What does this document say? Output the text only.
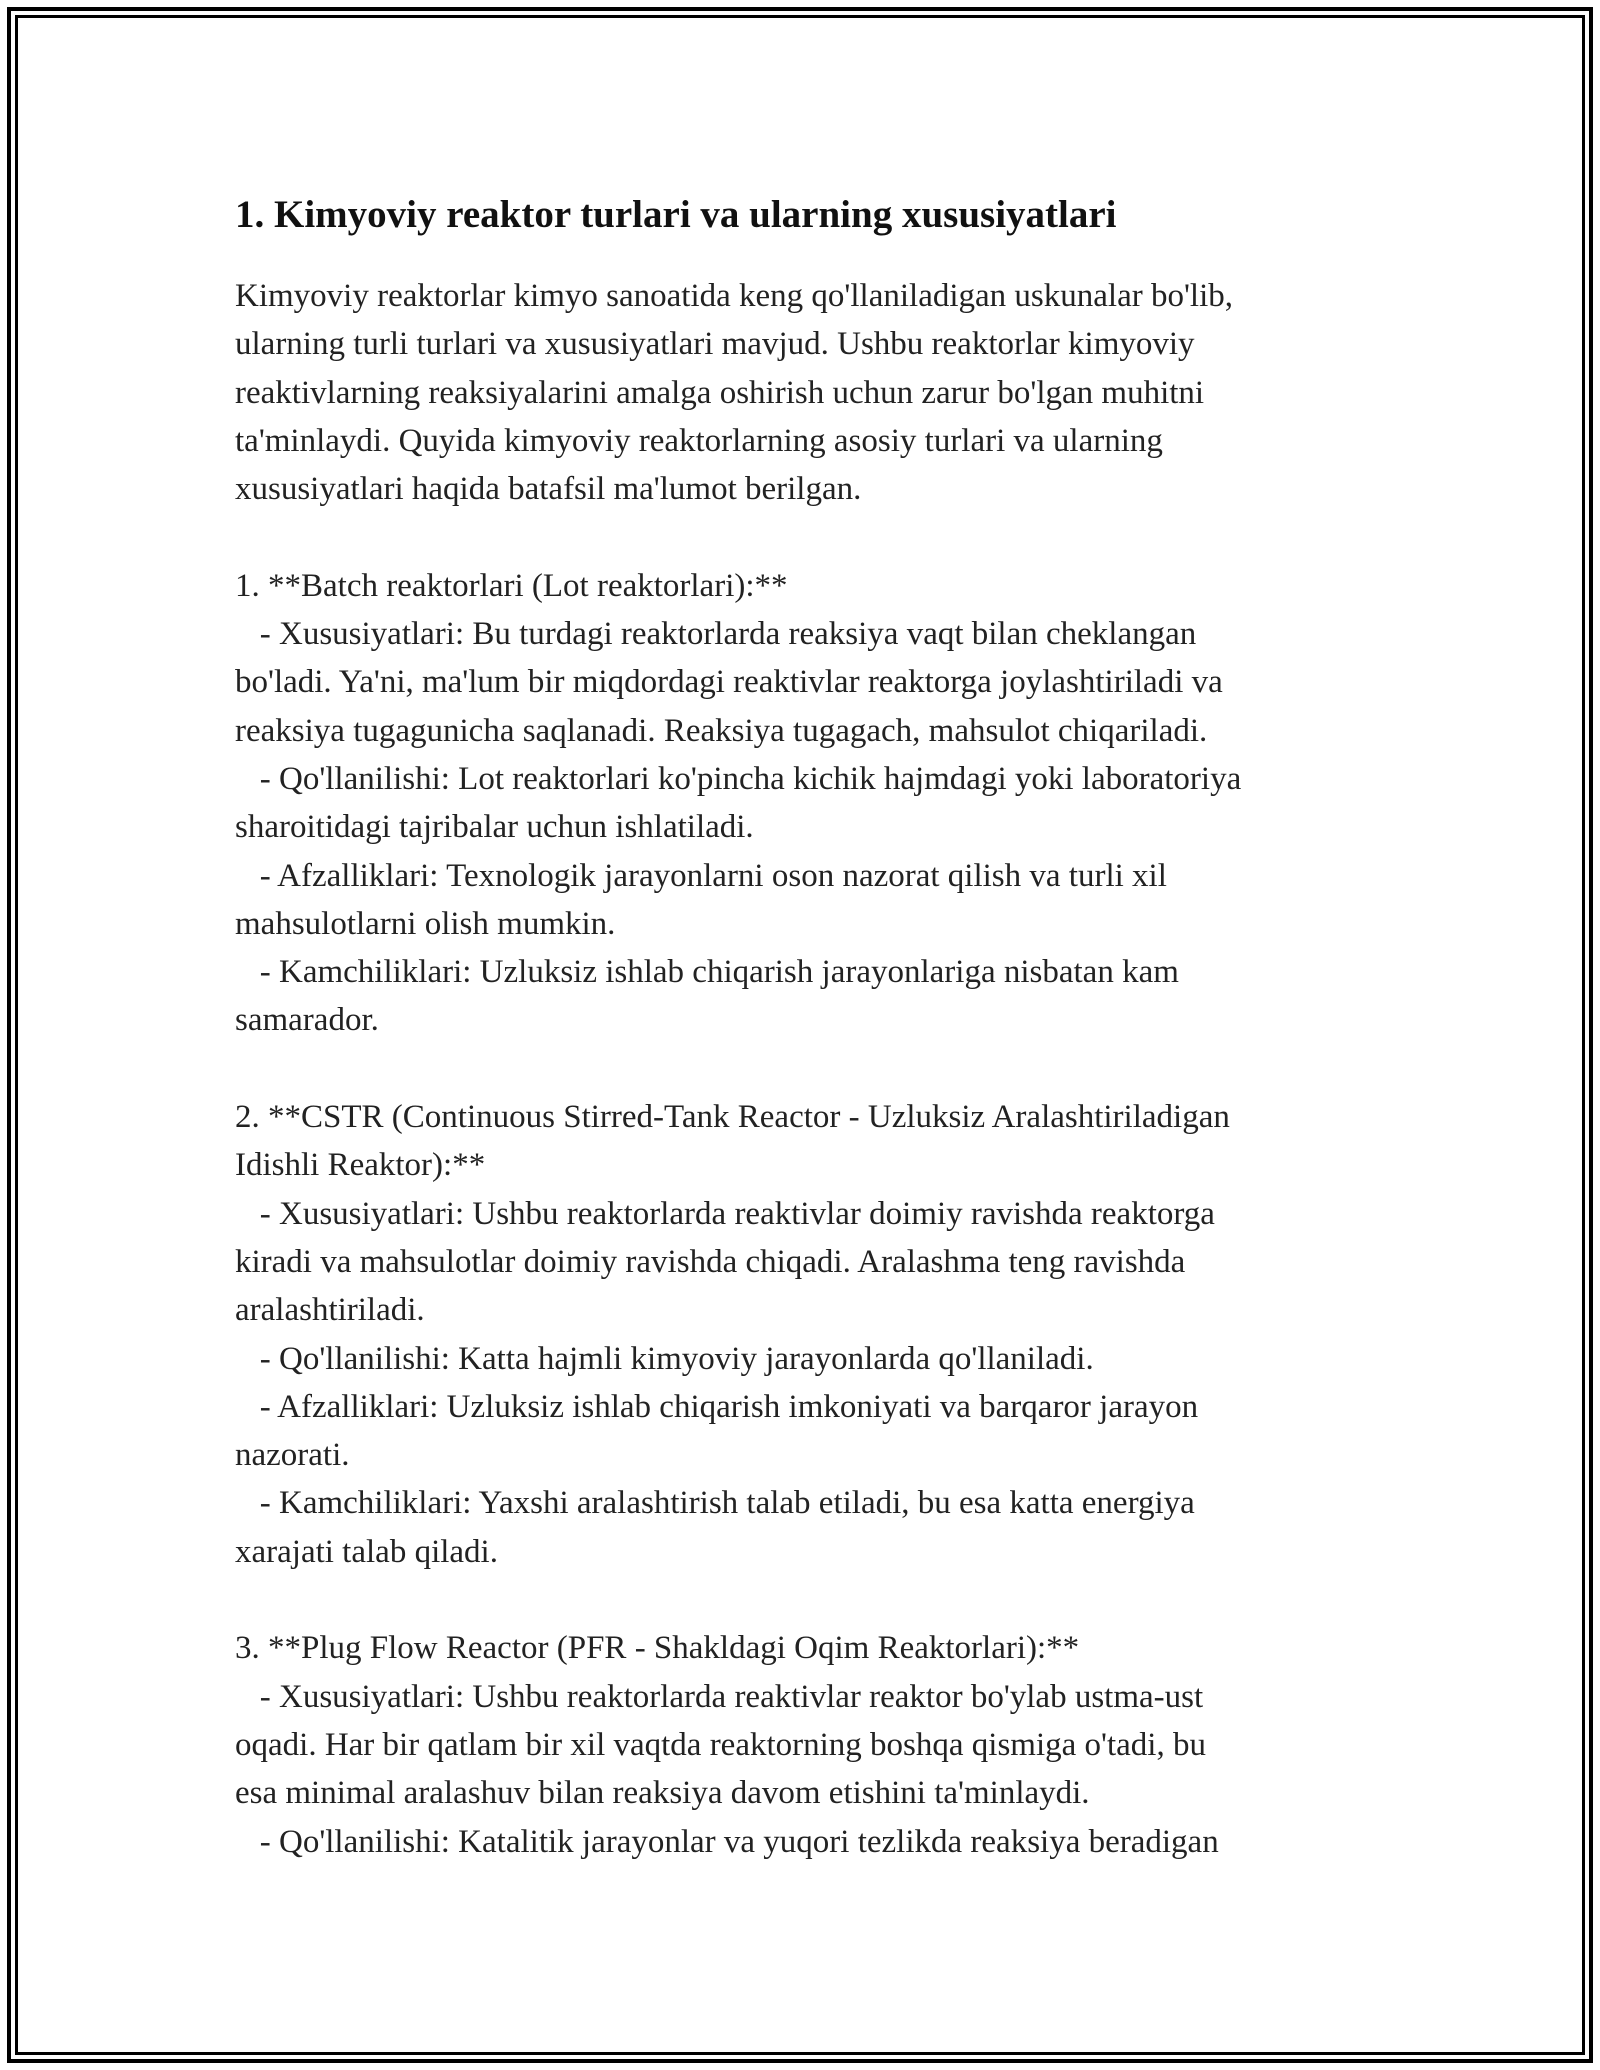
1. Kimyoviy reaktor turlari va ularning xususiyatlari
Kimyoviy reaktorlar kimyo sanoatida keng qo'llaniladigan uskunalar bo'lib,
ularning turli turlari va xususiyatlari mavjud. Ushbu reaktorlar kimyoviy
reaktivlarning reaksiyalarini amalga oshirish uchun zarur bo'lgan muhitni
ta'minlaydi. Quyida kimyoviy reaktorlarning asosiy turlari va ularning
xususiyatlari haqida batafsil ma'lumot berilgan.
1. **Batch reaktorlari (Lot reaktorlari):**
- Xususiyatlari: Bu turdagi reaktorlarda reaksiya vaqt bilan cheklangan
bo'ladi. Ya'ni, ma'lum bir miqdordagi reaktivlar reaktorga joylashtiriladi va
reaksiya tugagunicha saqlanadi. Reaksiya tugagach, mahsulot chiqariladi.
- Qo'llanilishi: Lot reaktorlari ko'pincha kichik hajmdagi yoki laboratoriya
sharoitidagi tajribalar uchun ishlatiladi.
- Afzalliklari: Texnologik jarayonlarni oson nazorat qilish va turli xil
mahsulotlarni olish mumkin.
- Kamchiliklari: Uzluksiz ishlab chiqarish jarayonlariga nisbatan kam
samarador.
2. **CSTR (Continuous Stirred-Tank Reactor - Uzluksiz Aralashtiriladigan
Idishli Reaktor):**
- Xususiyatlari: Ushbu reaktorlarda reaktivlar doimiy ravishda reaktorga
kiradi va mahsulotlar doimiy ravishda chiqadi. Aralashma teng ravishda
aralashtiriladi.
- Qo'llanilishi: Katta hajmli kimyoviy jarayonlarda qo'llaniladi.
- Afzalliklari: Uzluksiz ishlab chiqarish imkoniyati va barqaror jarayon
nazorati.
- Kamchiliklari: Yaxshi aralashtirish talab etiladi, bu esa katta energiya
xarajati talab qiladi.
3. **Plug Flow Reactor (PFR - Shakldagi Oqim Reaktorlari):**
- Xususiyatlari: Ushbu reaktorlarda reaktivlar reaktor bo'ylab ustma-ust
oqadi. Har bir qatlam bir xil vaqtda reaktorning boshqa qismiga o'tadi, bu
esa minimal aralashuv bilan reaksiya davom etishini ta'minlaydi.
- Qo'llanilishi: Katalitik jarayonlar va yuqori tezlikda reaksiya beradigan
